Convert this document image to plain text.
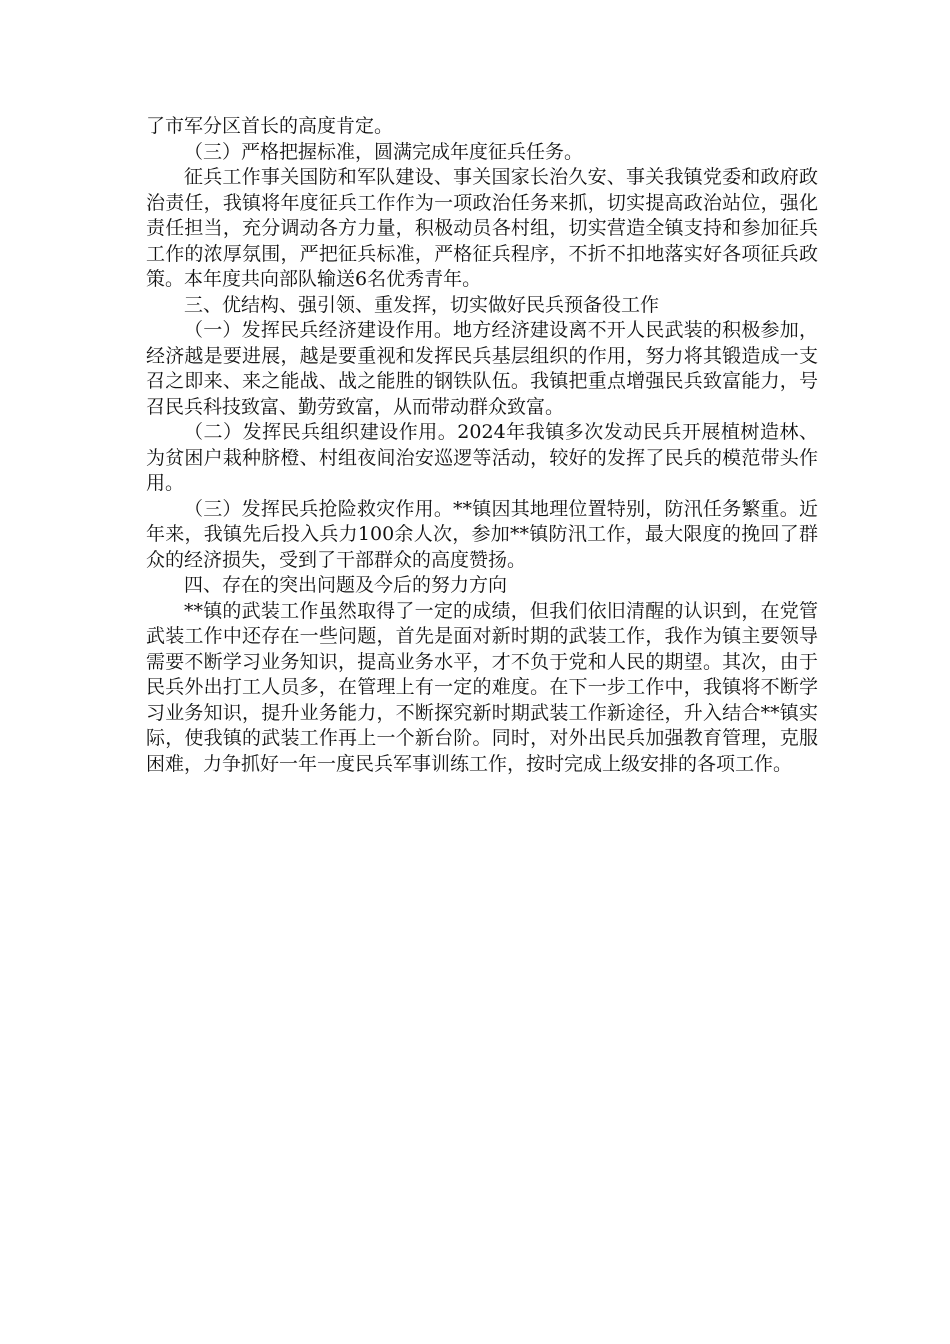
了市军分区首长的高度肯定。

（三）严格把握标准，圆满完成年度征兵任务。

征兵工作事关国防和军队建设、事关国家长治久安、事关我镇党委和政府政治责任，我镇将年度征兵工作作为一项政治任务来抓，切实提高政治站位，强化责任担当，充分调动各方力量，积极动员各村组，切实营造全镇支持和参加征兵工作的浓厚氛围，严把征兵标准，严格征兵程序，不折不扣地落实好各项征兵政策。本年度共向部队输送6名优秀青年。

三、优结构、强引领、重发挥，切实做好民兵预备役工作

（一）发挥民兵经济建设作用。地方经济建设离不开人民武装的积极参加，经济越是要进展，越是要重视和发挥民兵基层组织的作用，努力将其锻造成一支召之即来、来之能战、战之能胜的钢铁队伍。我镇把重点增强民兵致富能力，号召民兵科技致富、勤劳致富，从而带动群众致富。

（二）发挥民兵组织建设作用。2024年我镇多次发动民兵开展植树造林、为贫困户栽种脐橙、村组夜间治安巡逻等活动，较好的发挥了民兵的模范带头作用。

（三）发挥民兵抢险救灾作用。**镇因其地理位置特别，防汛任务繁重。近年来，我镇先后投入兵力100余人次，参加**镇防汛工作，最大限度的挽回了群众的经济损失，受到了干部群众的高度赞扬。

四、存在的突出问题及今后的努力方向

**镇的武装工作虽然取得了一定的成绩，但我们依旧清醒的认识到，在党管武装工作中还存在一些问题，首先是面对新时期的武装工作，我作为镇主要领导需要不断学习业务知识，提高业务水平，才不负于党和人民的期望。其次，由于民兵外出打工人员多，在管理上有一定的难度。在下一步工作中，我镇将不断学习业务知识，提升业务能力，不断探究新时期武装工作新途径，升入结合**镇实际，使我镇的武装工作再上一个新台阶。同时，对外出民兵加强教育管理，克服困难，力争抓好一年一度民兵军事训练工作，按时完成上级安排的各项工作。
